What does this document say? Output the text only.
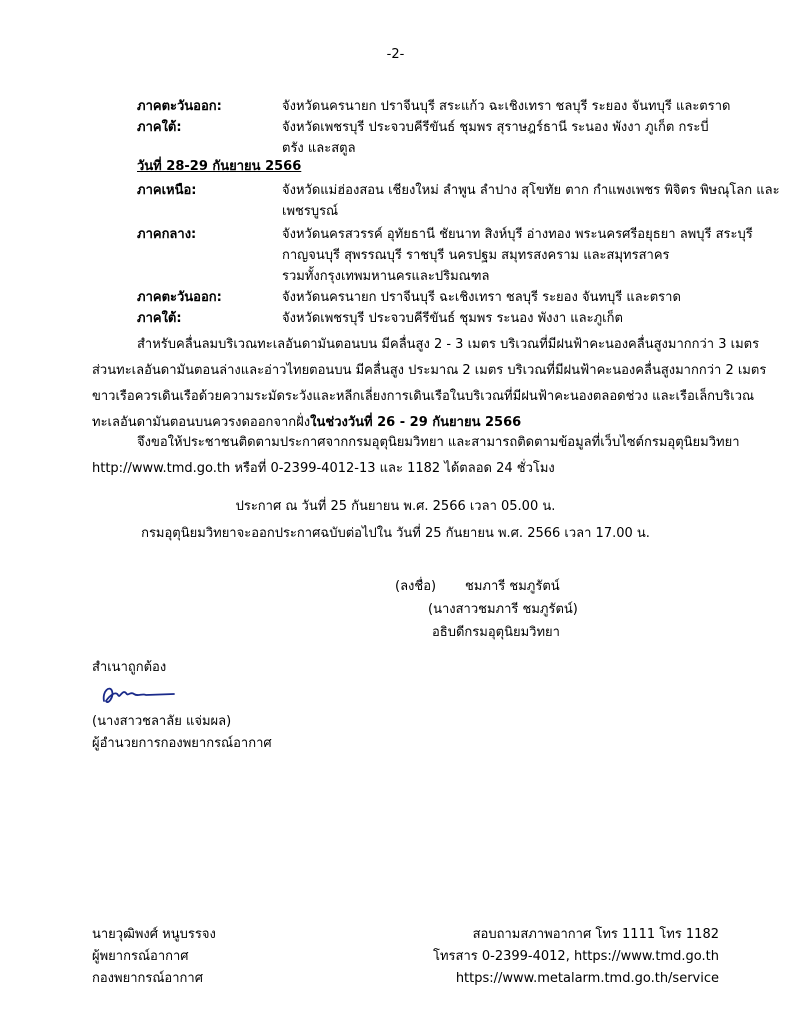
-2-
ภาคตะวันออก:	จังหวัดนครนายก ปราจีนบุรี สระแก้ว ฉะเชิงเทรา ชลบุรี ระยอง จันทบุรี และตราด
ภาคใต้:	จังหวัดเพชรบุรี ประจวบคีรีขันธ์ ชุมพร สุราษฎร์ธานี ระนอง พังงา ภูเก็ต กระบี่
ตรัง และสตูล
วันที่ 28-29 กันยายน 2566
ภาคเหนือ:	จังหวัดแม่ฮ่องสอน เชียงใหม่ ลำพูน ลำปาง สุโขทัย ตาก กำแพงเพชร พิจิตร พิษณุโลก และ
เพชรบูรณ์
ภาคกลาง:	จังหวัดนครสวรรค์ อุทัยธานี ชัยนาท สิงห์บุรี อ่างทอง พระนครศรีอยุธยา ลพบุรี สระบุรี
กาญจนบุรี สุพรรณบุรี ราชบุรี นครปฐม สมุทรสงคราม และสมุทรสาคร
รวมทั้งกรุงเทพมหานครและปริมณฑล
ภาคตะวันออก:	จังหวัดนครนายก ปราจีนบุรี ฉะเชิงเทรา ชลบุรี ระยอง จันทบุรี และตราด
ภาคใต้:	จังหวัดเพชรบุรี ประจวบคีรีขันธ์ ชุมพร ระนอง พังงา และภูเก็ต
สำหรับคลื่นลมบริเวณทะเลอันดามันตอนบน มีคลื่นสูง 2 - 3 เมตร บริเวณที่มีฝนฟ้าคะนองคลื่นสูงมากกว่า 3 เมตร
ส่วนทะเลอันดามันตอนล่างและอ่าวไทยตอนบน มีคลื่นสูง ประมาณ 2 เมตร บริเวณที่มีฝนฟ้าคะนองคลื่นสูงมากกว่า 2 เมตร
ขาวเรือควรเดินเรือด้วยความระมัดระวังและหลีกเลี่ยงการเดินเรือในบริเวณที่มีฝนฟ้าคะนองตลอดช่วง และเรือเล็กบริเวณ
ทะเลอันดามันตอนบนควรงดออกจากฝั่งในช่วงวันที่ 26 - 29 กันยายน 2566
จึงขอให้ประชาชนติดตามประกาศจากกรมอุตุนิยมวิทยา และสามารถติดตามข้อมูลที่เว็บไซต์กรมอุตุนิยมวิทยา
http://www.tmd.go.th หรือที่ 0-2399-4012-13 และ 1182 ได้ตลอด 24 ชั่วโมง
ประกาศ ณ วันที่ 25 กันยายน พ.ศ. 2566 เวลา 05.00 น.
กรมอุตุนิยมวิทยาจะออกประกาศฉบับต่อไปใน วันที่ 25 กันยายน พ.ศ. 2566 เวลา 17.00 น.
(ลงชื่อ) ชมภารี ชมภูรัตน์
(นางสาวชมภารี ชมภูรัตน์)
อธิบดีกรมอุตุนิยมวิทยา
สำเนาถูกต้อง
(นางสาวชลาลัย แจ่มผล)
ผู้อำนวยการกองพยากรณ์อากาศ
นายวุฒิพงศ์ หนูบรรจง
ผู้พยากรณ์อากาศ
กองพยากรณ์อากาศ
สอบถามสภาพอากาศ โทร 1111 โทร 1182
โทรสาร 0-2399-4012, https://www.tmd.go.th
https://www.metalarm.tmd.go.th/service
